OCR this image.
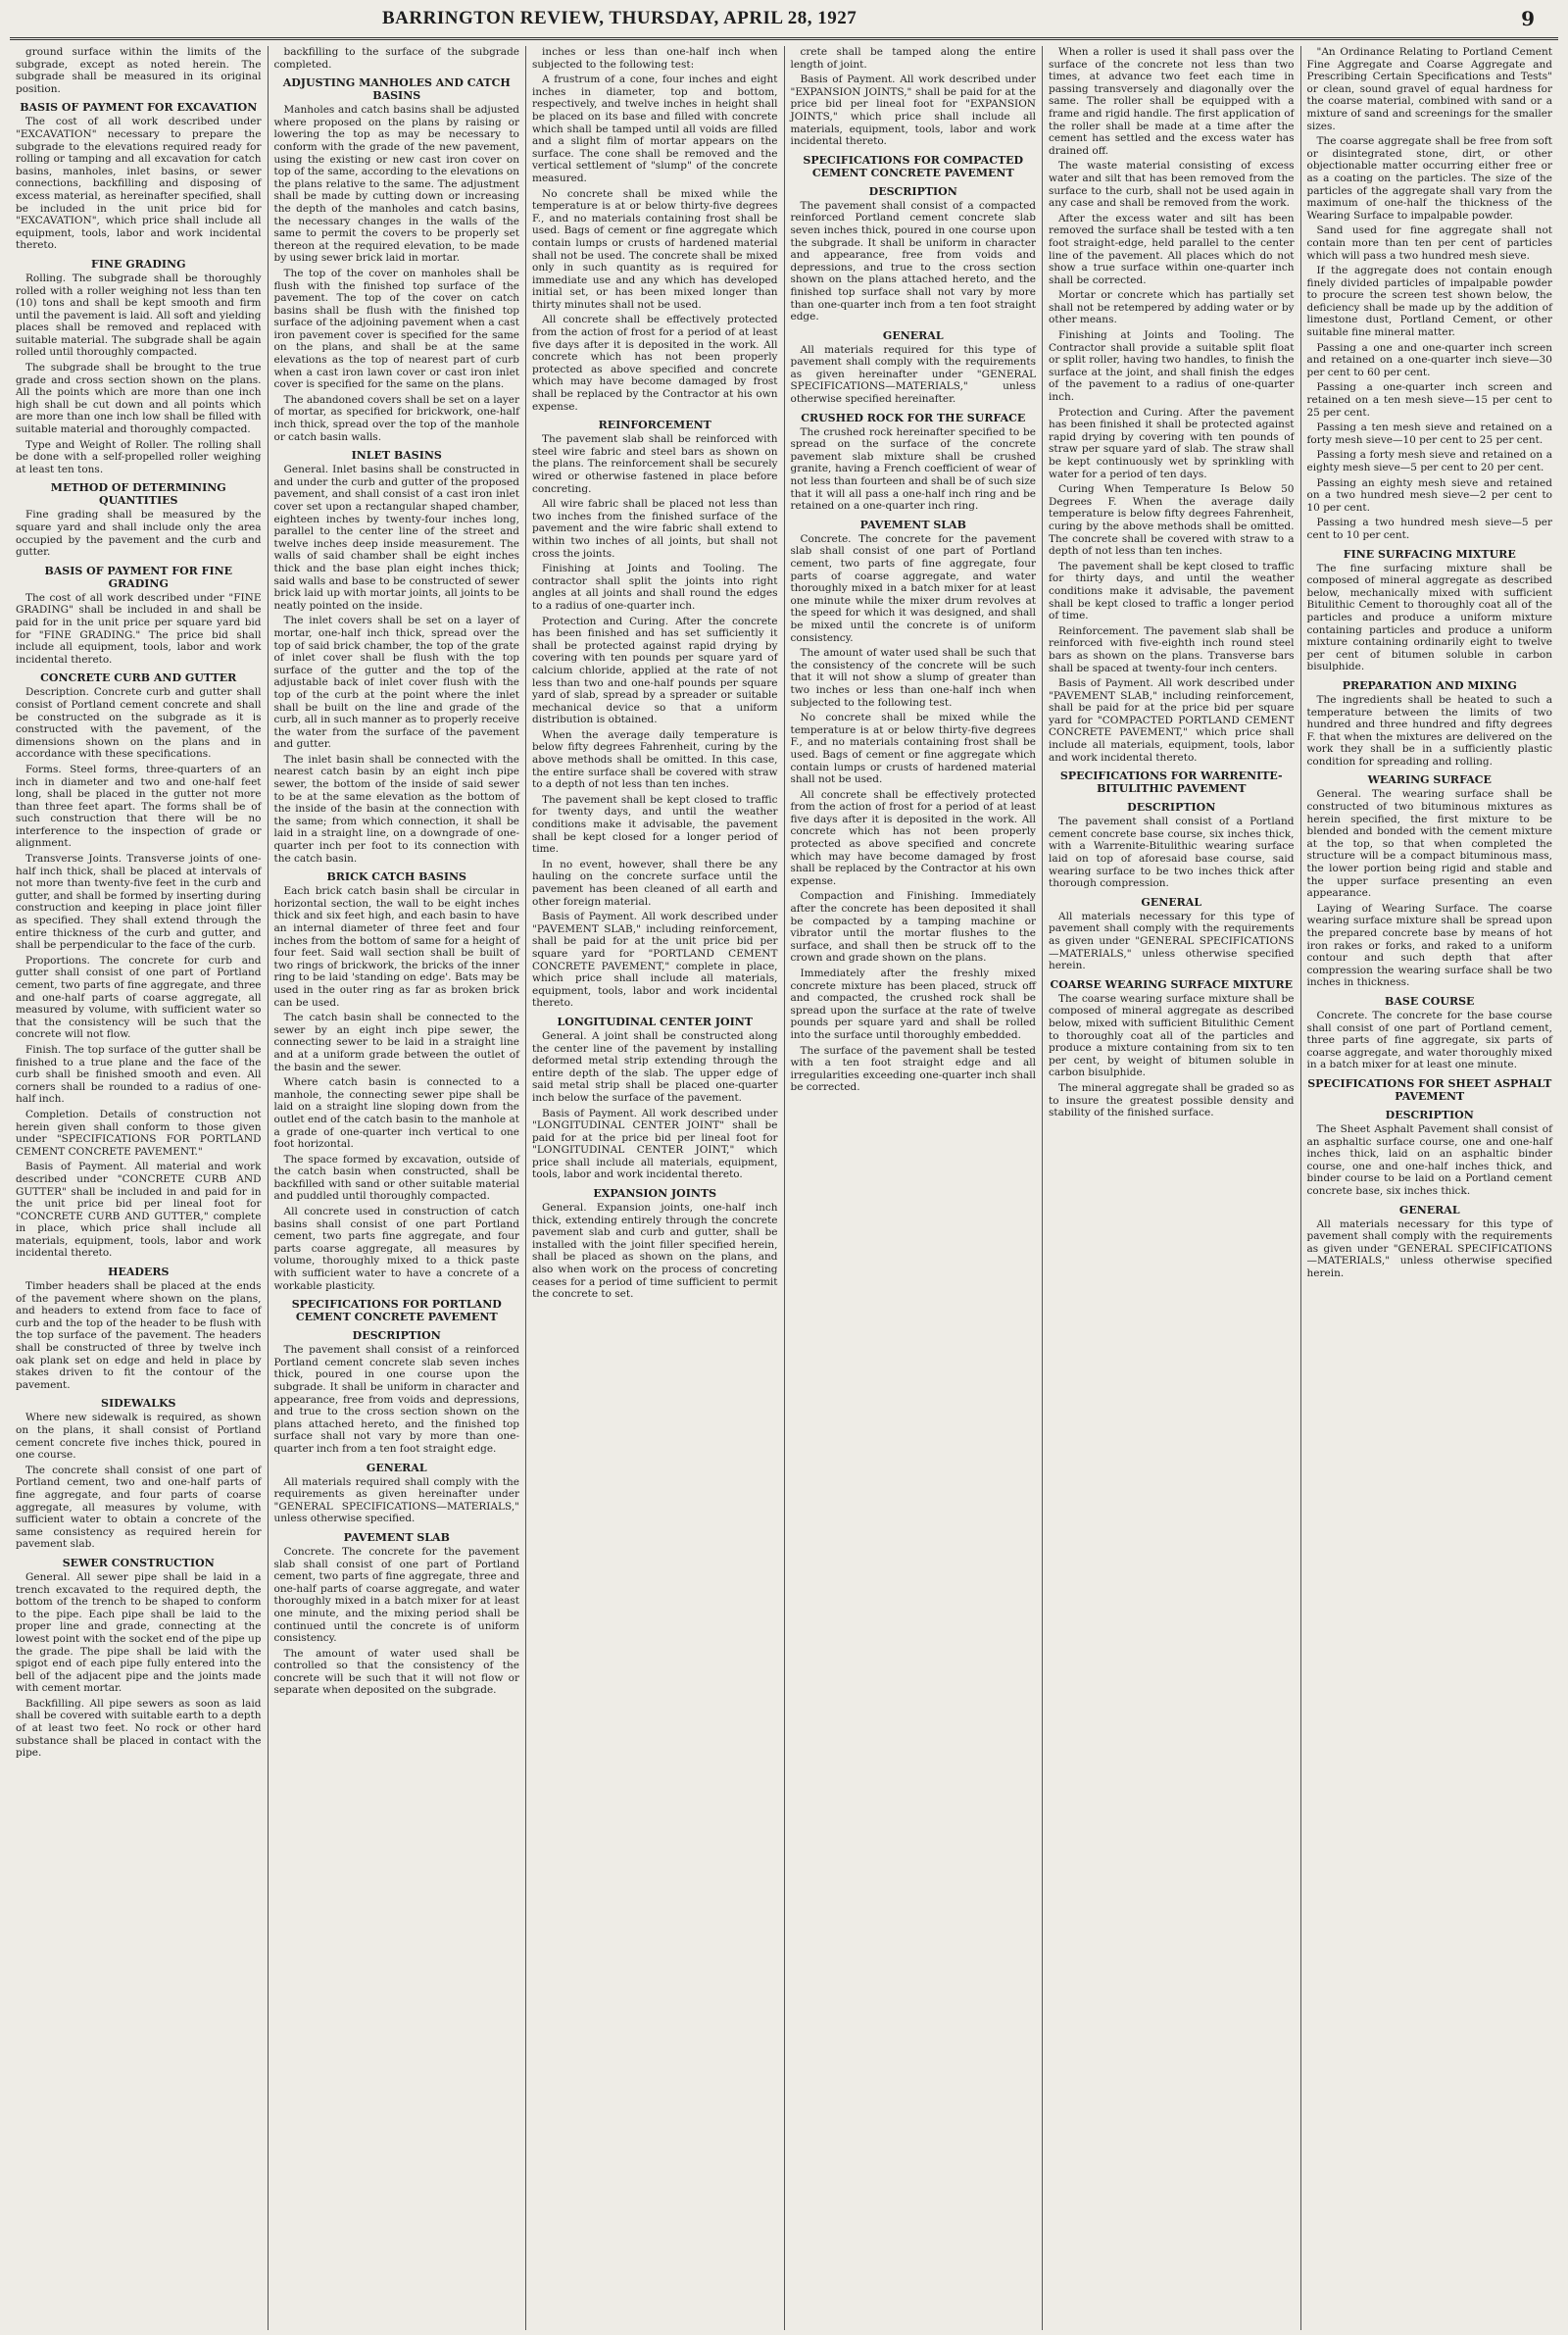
BARRINGTON REVIEW, THURSDAY, APRIL 28, 1927	9

ground surface within the limits of the subgrade, except as noted herein. The subgrade shall be measured in its original position.

BASIS OF PAYMENT FOR EXCAVATION

The cost of all work described under "EXCAVATION" necessary to prepare the subgrade to the elevations required ready for rolling or tamping and all excavation for catch basins, manholes, inlet basins, or sewer connections, backfilling and disposing of excess material, as hereinafter specified, shall be included in the unit price bid for "EXCAVATION", which price shall include all equipment, tools, labor and work incidental thereto.

FINE GRADING

Rolling. The subgrade shall be thoroughly rolled with a roller weighing not less than ten (10) tons and shall be kept smooth and firm until the pavement is laid. All soft and yielding places shall be removed and replaced with suitable material. The subgrade shall be again rolled until thoroughly compacted.

The subgrade shall be brought to the true grade and cross section shown on the plans. All the points which are more than one inch high shall be cut down and all points which are more than one inch low shall be filled with suitable material and thoroughly compacted.

Type and Weight of Roller. The rolling shall be done with a self-propelled roller weighing at least ten tons.

METHOD OF DETERMINING QUANTITIES

Fine grading shall be measured by the square yard and shall include only the area occupied by the pavement and the curb and gutter.

BASIS OF PAYMENT FOR FINE GRADING

The cost of all work described under "FINE GRADING" shall be included in and shall be paid for in the unit price per square yard bid for "FINE GRADING." The price bid shall include all equipment, tools, labor and work incidental thereto.

CONCRETE CURB AND GUTTER

Description. Concrete curb and gutter shall consist of Portland cement concrete and shall be constructed on the subgrade as it is constructed with the pavement, of the dimensions shown on the plans and in accordance with these specifications.

Forms. Steel forms, three-quarters of an inch in diameter and two and one-half feet long, shall be placed in the gutter not more than three feet apart. The forms shall be of such construction that there will be no interference to the inspection of grade or alignment.

Transverse Joints. Transverse joints of one-half inch thick, shall be placed at intervals of not more than twenty-five feet in the curb and gutter, and shall be formed by inserting during construction and keeping in place joint filler as specified. They shall extend through the entire thickness of the curb and gutter, and shall be perpendicular to the face of the curb.

Proportions. The concrete for curb and gutter shall consist of one part of Portland cement, two parts of fine aggregate, and three and one-half parts of coarse aggregate, all measured by volume, with sufficient water so that the consistency will be such that the concrete will not flow.

Finish. The top surface of the gutter shall be finished to a true plane and the face of the curb shall be finished smooth and even. All corners shall be rounded to a radius of one-half inch.

Completion. Details of construction not herein given shall conform to those given under "SPECIFICATIONS FOR PORTLAND CEMENT CONCRETE PAVEMENT."

Basis of Payment. All material and work described under "CONCRETE CURB AND GUTTER" shall be included in and paid for in the unit price bid per lineal foot for "CONCRETE CURB AND GUTTER," complete in place, which price shall include all materials, equipment, tools, labor and work incidental thereto.

HEADERS

Timber headers shall be placed at the ends of the pavement where shown on the plans, and headers to extend from face to face of curb and the top of the header to be flush with the top surface of the pavement. The headers shall be constructed of three by twelve inch oak plank set on edge and held in place by stakes driven to fit the contour of the pavement.

SIDEWALKS

Where new sidewalk is required, as shown on the plans, it shall consist of Portland cement concrete five inches thick, poured in one course.

The concrete shall consist of one part of Portland cement, two and one-half parts of fine aggregate, and four parts of coarse aggregate, all measures by volume, with sufficient water to obtain a concrete of the same consistency as required herein for pavement slab.

SEWER CONSTRUCTION

General. All sewer pipe shall be laid in a trench excavated to the required depth, the bottom of the trench to be shaped to conform to the pipe. Each pipe shall be laid to the proper line and grade, connecting at the lowest point with the socket end of the pipe up the grade. The pipe shall be laid with the spigot end of each pipe fully entered into the bell of the adjacent pipe and the joints made with cement mortar.

Backfilling. All pipe sewers as soon as laid shall be covered with suitable earth to a depth of at least two feet. No rock or other hard substance shall be placed in contact with the pipe.

backfilling to the surface of the subgrade completed.

ADJUSTING MANHOLES AND CATCH BASINS

Manholes and catch basins shall be adjusted where proposed on the plans by raising or lowering the top as may be necessary to conform with the grade of the new pavement, using the existing or new cast iron cover on top of the same, according to the elevations on the plans relative to the same. The adjustment shall be made by cutting down or increasing the depth of the manholes and catch basins, the necessary changes in the walls of the same to permit the covers to be properly set thereon at the required elevation, to be made by using sewer brick laid in mortar.

The top of the cover on manholes shall be flush with the finished top surface of the pavement. The top of the cover on catch basins shall be flush with the finished top surface of the adjoining pavement when a cast iron pavement cover is specified for the same on the plans, and shall be at the same elevations as the top of nearest part of curb when a cast iron lawn cover or cast iron inlet cover is specified for the same on the plans.

The abandoned covers shall be set on a layer of mortar, as specified for brickwork, one-half inch thick, spread over the top of the manhole or catch basin walls.

INLET BASINS

General. Inlet basins shall be constructed in and under the curb and gutter of the proposed pavement, and shall consist of a cast iron inlet cover set upon a rectangular shaped chamber, eighteen inches by twenty-four inches long, parallel to the center line of the street and twelve inches deep inside measurement. The walls of said chamber shall be eight inches thick and the base plan eight inches thick; said walls and base to be constructed of sewer brick laid up with mortar joints, all joints to be neatly pointed on the inside.

The inlet covers shall be set on a layer of mortar, one-half inch thick, spread over the top of said brick chamber, the top of the grate of inlet cover shall be flush with the top surface of the gutter and the top of the adjustable back of inlet cover flush with the top of the curb at the point where the inlet shall be built on the line and grade of the curb, all in such manner as to properly receive the water from the surface of the pavement and gutter.

The inlet basin shall be connected with the nearest catch basin by an eight inch pipe sewer, the bottom of the inside of said sewer to be at the same elevation as the bottom of the inside of the basin at the connection with the same; from which connection, it shall be laid in a straight line, on a downgrade of one-quarter inch per foot to its connection with the catch basin.

BRICK CATCH BASINS

Each brick catch basin shall be circular in horizontal section, the wall to be eight inches thick and six feet high, and each basin to have an internal diameter of three feet and four inches from the bottom of same for a height of four feet. Said wall section shall be built of two rings of brickwork, the bricks of the inner ring to be laid 'standing on edge'. Bats may be used in the outer ring as far as broken brick can be used.

The catch basin shall be connected to the sewer by an eight inch pipe sewer, the connecting sewer to be laid in a straight line and at a uniform grade between the outlet of the basin and the sewer.

Where catch basin is connected to a manhole, the connecting sewer pipe shall be laid on a straight line sloping down from the outlet end of the catch basin to the manhole at a grade of one-quarter inch vertical to one foot horizontal.

The space formed by excavation, outside of the catch basin when constructed, shall be backfilled with sand or other suitable material and puddled until thoroughly compacted.

All concrete used in construction of catch basins shall consist of one part Portland cement, two parts fine aggregate, and four parts coarse aggregate, all measures by volume, thoroughly mixed to a thick paste with sufficient water to have a concrete of a workable plasticity.

SPECIFICATIONS FOR PORTLAND CEMENT CONCRETE PAVEMENT
DESCRIPTION

The pavement shall consist of a reinforced Portland cement concrete slab seven inches thick, poured in one course upon the subgrade. It shall be uniform in character and appearance, free from voids and depressions, and true to the cross section shown on the plans attached hereto, and the finished top surface shall not vary by more than one-quarter inch from a ten foot straight edge.

GENERAL

All materials required shall comply with the requirements as given hereinafter under "GENERAL SPECIFICATIONS—MATERIALS," unless otherwise specified.

PAVEMENT SLAB

Concrete. The concrete for the pavement slab shall consist of one part of Portland cement, two parts of fine aggregate, three and one-half parts of coarse aggregate, and water thoroughly mixed in a batch mixer for at least one minute, and the mixing period shall be continued until the concrete is of uniform consistency.

The amount of water used shall be controlled so that the consistency of the concrete will be such that it will not flow or separate when deposited on the subgrade.

inches or less than one-half inch when subjected to the following test:

A frustrum of a cone, four inches and eight inches in diameter, top and bottom, respectively, and twelve inches in height shall be placed on its base and filled with concrete which shall be tamped until all voids are filled and a slight film of mortar appears on the surface. The cone shall be removed and the vertical settlement of "slump" of the concrete measured.

No concrete shall be mixed while the temperature is at or below thirty-five degrees F., and no materials containing frost shall be used. Bags of cement or fine aggregate which contain lumps or crusts of hardened material shall not be used. The concrete shall be mixed only in such quantity as is required for immediate use and any which has developed initial set, or has been mixed longer than thirty minutes shall not be used.

All concrete shall be effectively protected from the action of frost for a period of at least five days after it is deposited in the work. All concrete which has not been properly protected as above specified and concrete which may have become damaged by frost shall be replaced by the Contractor at his own expense.

REINFORCEMENT

The pavement slab shall be reinforced with steel wire fabric and steel bars as shown on the plans. The reinforcement shall be securely wired or otherwise fastened in place before concreting.

All wire fabric shall be placed not less than two inches from the finished surface of the pavement and the wire fabric shall extend to within two inches of all joints, but shall not cross the joints.

Finishing at Joints and Tooling. The contractor shall split the joints into right angles at all joints and shall round the edges to a radius of one-quarter inch.

Protection and Curing. After the concrete has been finished and has set sufficiently it shall be protected against rapid drying by covering with ten pounds per square yard of calcium chloride, applied at the rate of not less than two and one-half pounds per square yard of slab, spread by a spreader or suitable mechanical device so that a uniform distribution is obtained.

When the average daily temperature is below fifty degrees Fahrenheit, curing by the above methods shall be omitted. In this case, the entire surface shall be covered with straw to a depth of not less than ten inches.

The pavement shall be kept closed to traffic for twenty days, and until the weather conditions make it advisable, the pavement shall be kept closed for a longer period of time.

In no event, however, shall there be any hauling on the concrete surface until the pavement has been cleaned of all earth and other foreign material.

Basis of Payment. All work described under "PAVEMENT SLAB," including reinforcement, shall be paid for at the unit price bid per square yard for "PORTLAND CEMENT CONCRETE PAVEMENT," complete in place, which price shall include all materials, equipment, tools, labor and work incidental thereto.

LONGITUDINAL CENTER JOINT

General. A joint shall be constructed along the center line of the pavement by installing deformed metal strip extending through the entire depth of the slab. The upper edge of said metal strip shall be placed one-quarter inch below the surface of the pavement.

Basis of Payment. All work described under "LONGITUDINAL CENTER JOINT" shall be paid for at the price bid per lineal foot for "LONGITUDINAL CENTER JOINT," which price shall include all materials, equipment, tools, labor and work incidental thereto.

EXPANSION JOINTS

General. Expansion joints, one-half inch thick, extending entirely through the concrete pavement slab and curb and gutter, shall be installed with the joint filler specified herein, shall be placed as shown on the plans, and also when work on the process of concreting ceases for a period of time sufficient to permit the concrete to set.

crete shall be tamped along the entire length of joint.

Basis of Payment. All work described under "EXPANSION JOINTS," shall be paid for at the price bid per lineal foot for "EXPANSION JOINTS," which price shall include all materials, equipment, tools, labor and work incidental thereto.

SPECIFICATIONS FOR COMPACTED CEMENT CONCRETE PAVEMENT
DESCRIPTION

The pavement shall consist of a compacted reinforced Portland cement concrete slab seven inches thick, poured in one course upon the subgrade. It shall be uniform in character and appearance, free from voids and depressions, and true to the cross section shown on the plans attached hereto, and the finished top surface shall not vary by more than one-quarter inch from a ten foot straight edge.

GENERAL

All materials required for this type of pavement shall comply with the requirements as given hereinafter under "GENERAL SPECIFICATIONS—MATERIALS," unless otherwise specified hereinafter.

CRUSHED ROCK FOR THE SURFACE

The crushed rock hereinafter specified to be spread on the surface of the concrete pavement slab mixture shall be crushed granite, having a French coefficient of wear of not less than fourteen and shall be of such size that it will all pass a one-half inch ring and be retained on a one-quarter inch ring.

PAVEMENT SLAB

Concrete. The concrete for the pavement slab shall consist of one part of Portland cement, two parts of fine aggregate, four parts of coarse aggregate, and water thoroughly mixed in a batch mixer for at least one minute while the mixer drum revolves at the speed for which it was designed, and shall be mixed until the concrete is of uniform consistency.

The amount of water used shall be such that the consistency of the concrete will be such that it will not show a slump of greater than two inches or less than one-half inch when subjected to the following test.

No concrete shall be mixed while the temperature is at or below thirty-five degrees F., and no materials containing frost shall be used. Bags of cement or fine aggregate which contain lumps or crusts of hardened material shall not be used.

All concrete shall be effectively protected from the action of frost for a period of at least five days after it is deposited in the work. All concrete which has not been properly protected as above specified and concrete which may have become damaged by frost shall be replaced by the Contractor at his own expense.

Compaction and Finishing. Immediately after the concrete has been deposited it shall be compacted by a tamping machine or vibrator until the mortar flushes to the surface, and shall then be struck off to the crown and grade shown on the plans.

Immediately after the freshly mixed concrete mixture has been placed, struck off and compacted, the crushed rock shall be spread upon the surface at the rate of twelve pounds per square yard and shall be rolled into the surface until thoroughly embedded.

The surface of the pavement shall be tested with a ten foot straight edge and all irregularities exceeding one-quarter inch shall be corrected.

When a roller is used it shall pass over the surface of the concrete not less than two times, at advance two feet each time in passing transversely and diagonally over the same. The roller shall be equipped with a frame and rigid handle. The first application of the roller shall be made at a time after the cement has settled and the excess water has drained off.

The waste material consisting of excess water and silt that has been removed from the surface to the curb, shall not be used again in any case and shall be removed from the work.

After the excess water and silt has been removed the surface shall be tested with a ten foot straight-edge, held parallel to the center line of the pavement. All places which do not show a true surface within one-quarter inch shall be corrected.

Mortar or concrete which has partially set shall not be retempered by adding water or by other means.

Finishing at Joints and Tooling. The Contractor shall provide a suitable split float or split roller, having two handles, to finish the surface at the joint, and shall finish the edges of the pavement to a radius of one-quarter inch.

Protection and Curing. After the pavement has been finished it shall be protected against rapid drying by covering with ten pounds of straw per square yard of slab. The straw shall be kept continuously wet by sprinkling with water for a period of ten days.

Curing When Temperature Is Below 50 Degrees F. When the average daily temperature is below fifty degrees Fahrenheit, curing by the above methods shall be omitted. The concrete shall be covered with straw to a depth of not less than ten inches.

The pavement shall be kept closed to traffic for thirty days, and until the weather conditions make it advisable, the pavement shall be kept closed to traffic a longer period of time.

Reinforcement. The pavement slab shall be reinforced with five-eighth inch round steel bars as shown on the plans. Transverse bars shall be spaced at twenty-four inch centers.

Basis of Payment. All work described under "PAVEMENT SLAB," including reinforcement, shall be paid for at the price bid per square yard for "COMPACTED PORTLAND CEMENT CONCRETE PAVEMENT," which price shall include all materials, equipment, tools, labor and work incidental thereto.

SPECIFICATIONS FOR WARRENITE-BITULITHIC PAVEMENT
DESCRIPTION

The pavement shall consist of a Portland cement concrete base course, six inches thick, with a Warrenite-Bitulithic wearing surface laid on top of aforesaid base course, said wearing surface to be two inches thick after thorough compression.

GENERAL

All materials necessary for this type of pavement shall comply with the requirements as given under "GENERAL SPECIFICATIONS—MATERIALS," unless otherwise specified herein.

COARSE WEARING SURFACE MIXTURE

The coarse wearing surface mixture shall be composed of mineral aggregate as described below, mixed with sufficient Bitulithic Cement to thoroughly coat all of the particles and produce a mixture containing from six to ten per cent, by weight of bitumen soluble in carbon bisulphide.

The mineral aggregate shall be graded so as to insure the greatest possible density and stability of the finished surface.

"An Ordinance Relating to Portland Cement Fine Aggregate and Coarse Aggregate and Prescribing Certain Specifications and Tests" or clean, sound gravel of equal hardness for the coarse material, combined with sand or a mixture of sand and screenings for the smaller sizes.

The coarse aggregate shall be free from soft or disintegrated stone, dirt, or other objectionable matter occurring either free or as a coating on the particles. The size of the particles of the aggregate shall vary from the maximum of one-half the thickness of the Wearing Surface to impalpable powder.

Sand used for fine aggregate shall not contain more than ten per cent of particles which will pass a two hundred mesh sieve.

If the aggregate does not contain enough finely divided particles of impalpable powder to procure the screen test shown below, the deficiency shall be made up by the addition of limestone dust, Portland Cement, or other suitable fine mineral matter.

Passing a one and one-quarter inch screen and retained on a one-quarter inch sieve—30 per cent to 60 per cent.

Passing a one-quarter inch screen and retained on a ten mesh sieve—15 per cent to 25 per cent.

Passing a ten mesh sieve and retained on a forty mesh sieve—10 per cent to 25 per cent.

Passing a forty mesh sieve and retained on a eighty mesh sieve—5 per cent to 20 per cent.

Passing an eighty mesh sieve and retained on a two hundred mesh sieve—2 per cent to 10 per cent.

Passing a two hundred mesh sieve—5 per cent to 10 per cent.

FINE SURFACING MIXTURE

The fine surfacing mixture shall be composed of mineral aggregate as described below, mechanically mixed with sufficient Bitulithic Cement to thoroughly coat all of the particles and produce a uniform mixture containing particles and produce a uniform mixture containing ordinarily eight to twelve per cent of bitumen soluble in carbon bisulphide.

PREPARATION AND MIXING

The ingredients shall be heated to such a temperature between the limits of two hundred and three hundred and fifty degrees F. that when the mixtures are delivered on the work they shall be in a sufficiently plastic condition for spreading and rolling.

WEARING SURFACE

General. The wearing surface shall be constructed of two bituminous mixtures as herein specified, the first mixture to be blended and bonded with the cement mixture at the top, so that when completed the structure will be a compact bituminous mass, the lower portion being rigid and stable and the upper surface presenting an even appearance.

Laying of Wearing Surface. The coarse wearing surface mixture shall be spread upon the prepared concrete base by means of hot iron rakes or forks, and raked to a uniform contour and such depth that after compression the wearing surface shall be two inches in thickness.

BASE COURSE

Concrete. The concrete for the base course shall consist of one part of Portland cement, three parts of fine aggregate, six parts of coarse aggregate, and water thoroughly mixed in a batch mixer for at least one minute.

SPECIFICATIONS FOR SHEET ASPHALT PAVEMENT
DESCRIPTION

The Sheet Asphalt Pavement shall consist of an asphaltic surface course, one and one-half inches thick, laid on an asphaltic binder course, one and one-half inches thick, and binder course to be laid on a Portland cement concrete base, six inches thick.

GENERAL

All materials necessary for this type of pavement shall comply with the requirements as given under "GENERAL SPECIFICATIONS—MATERIALS," unless otherwise specified herein.
